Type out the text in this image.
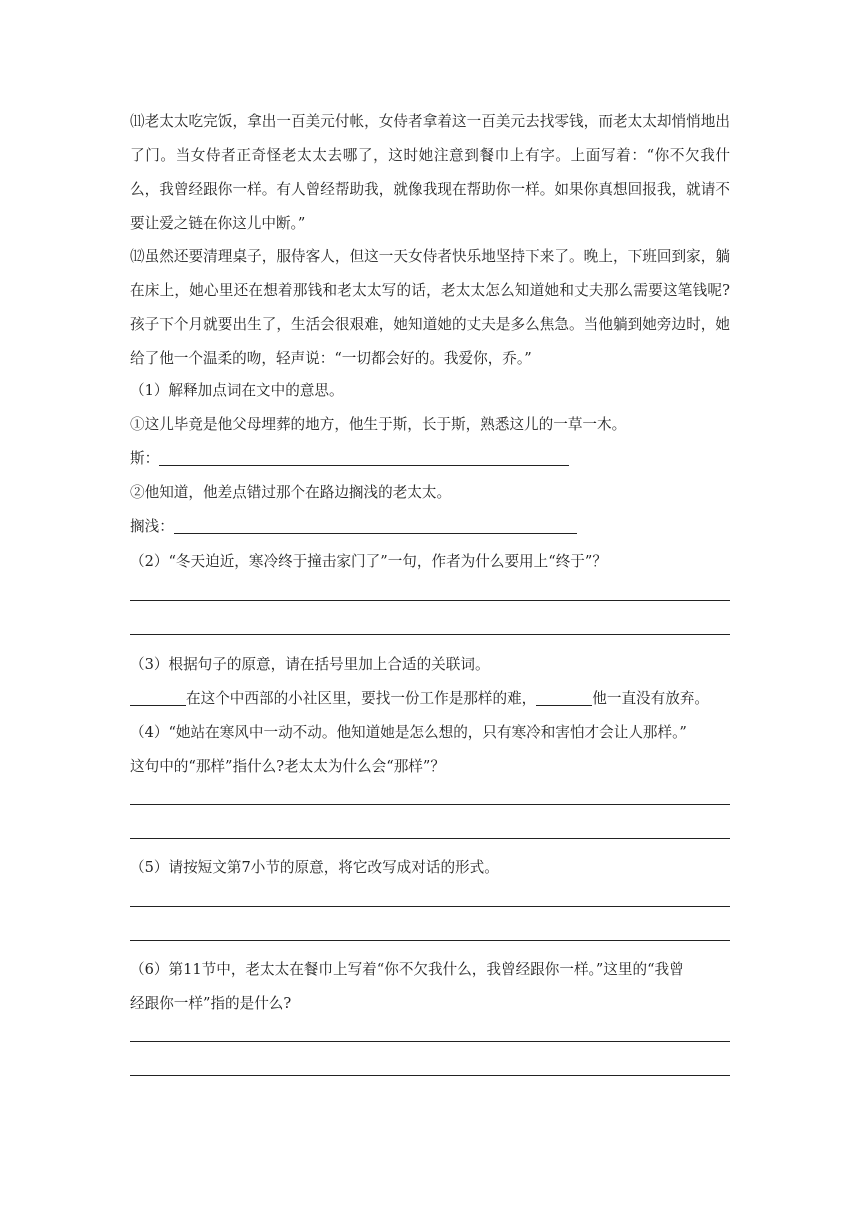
⑾老太太吃完饭，拿出一百美元付帐，女侍者拿着这一百美元去找零钱，而老太太却悄悄地出了门。当女侍者正奇怪老太太去哪了，这时她注意到餐巾上有字。上面写着：“你不欠我什么，我曾经跟你一样。有人曾经帮助我，就像我现在帮助你一样。如果你真想回报我，就请不要让爱之链在你这儿中断。”

⑿虽然还要清理桌子，服侍客人，但这一天女侍者快乐地坚持下来了。晚上，下班回到家，躺在床上，她心里还在想着那钱和老太太写的话，老太太怎么知道她和丈夫那么需要这笔钱呢?孩子下个月就要出生了，生活会很艰难，她知道她的丈夫是多么焦急。当他躺到她旁边时，她给了他一个温柔的吻，轻声说：“一切都会好的。我爱你，乔。”

（1）解释加点词在文中的意思。

①这儿毕竟是他父母埋葬的地方，他生于斯，长于斯，熟悉这儿的一草一木。

斯：

②他知道，他差点错过那个在路边搁浅的老太太。

搁浅：

（2）“冬天迫近，寒冷终于撞击家门了”一句，作者为什么要用上“终于”？

（3）根据句子的原意，请在括号里加上合适的关联词。

在这个中西部的小社区里，要找一份工作是那样的难，	他一直没有放弃。

（4）“她站在寒风中一动不动。他知道她是怎么想的，只有寒冷和害怕才会让人那样。”

这句中的“那样”指什么?老太太为什么会“那样”？

（5）请按短文第7小节的原意，将它改写成对话的形式。

（6）第11节中，老太太在餐巾上写着“你不欠我什么，我曾经跟你一样。”这里的“我曾

经跟你一样”指的是什么?
